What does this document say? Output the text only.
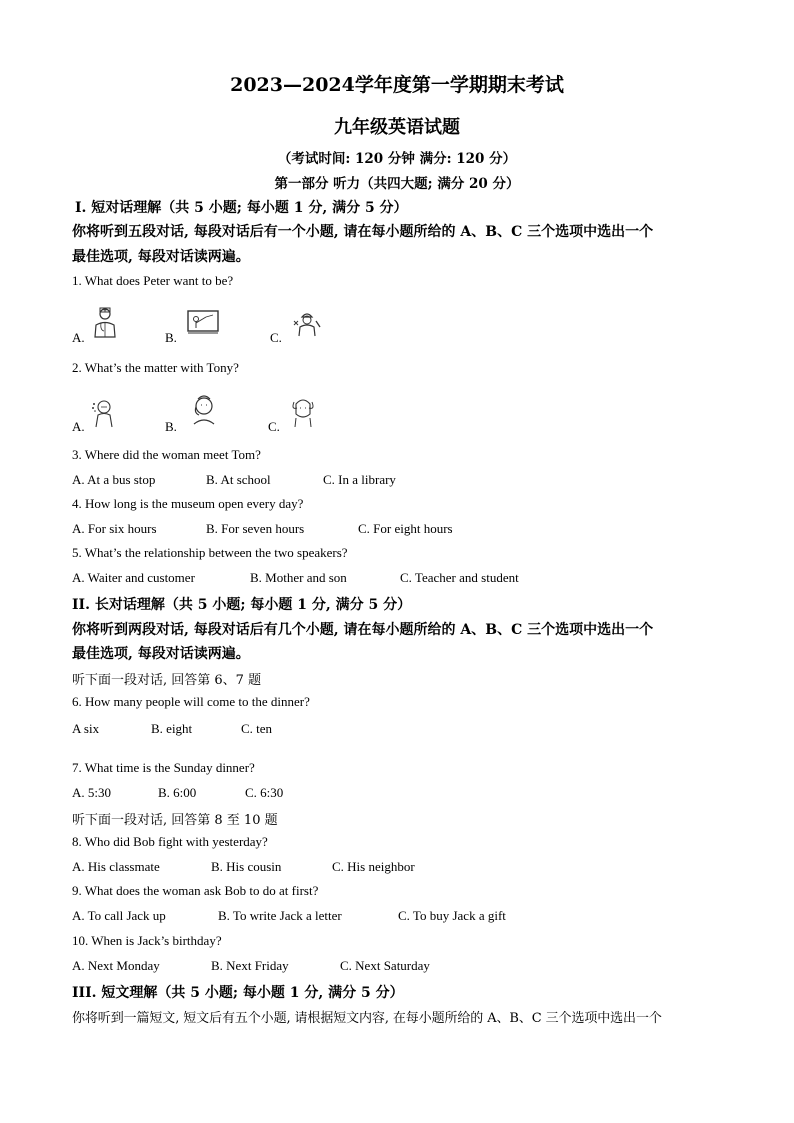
2023—2024学年度第一学期期末考试
九年级英语试题
（考试时间: 120 分钟 满分: 120 分）
第一部分 听力（共四大题; 满分 20 分）
Ⅰ. 短对话理解（共 5 小题; 每小题 1 分, 满分 5 分）
你将听到五段对话, 每段对话后有一个小题, 请在每小题所给的 A、B、C 三个选项中选出一个
最佳选项, 每段对话读两遍。
1. What does Peter want to be?
A.	B.	C.
2. What’s the matter with Tony?
A.	B.	C.
3. Where did the woman meet Tom?
A. At a bus stop	B. At school	C. In a library
4. How long is the museum open every day?
A. For six hours	B. For seven hours	C. For eight hours
5. What’s the relationship between the two speakers?
A. Waiter and customer	B. Mother and son	C. Teacher and student
II. 长对话理解（共 5 小题; 每小题 1 分, 满分 5 分）
你将听到两段对话, 每段对话后有几个小题, 请在每小题所给的 A、B、C 三个选项中选出一个
最佳选项, 每段对话读两遍。
听下面一段对话, 回答第 6、7 题
6. How many people will come to the dinner?
A six	B. eight	C. ten
7. What time is the Sunday dinner?
A. 5:30	B. 6:00	C. 6:30
听下面一段对话, 回答第 8 至 10 题
8. Who did Bob fight with yesterday?
A. His classmate	B. His cousin	C. His neighbor
9. What does the woman ask Bob to do at first?
A. To call Jack up	B. To write Jack a letter	C. To buy Jack a gift
10. When is Jack’s birthday?
A. Next Monday	B. Next Friday	C. Next Saturday
III. 短文理解（共 5 小题; 每小题 1 分, 满分 5 分）
你将听到一篇短文, 短文后有五个小题, 请根据短文内容, 在每小题所给的 A、B、C 三个选项中选出一个
